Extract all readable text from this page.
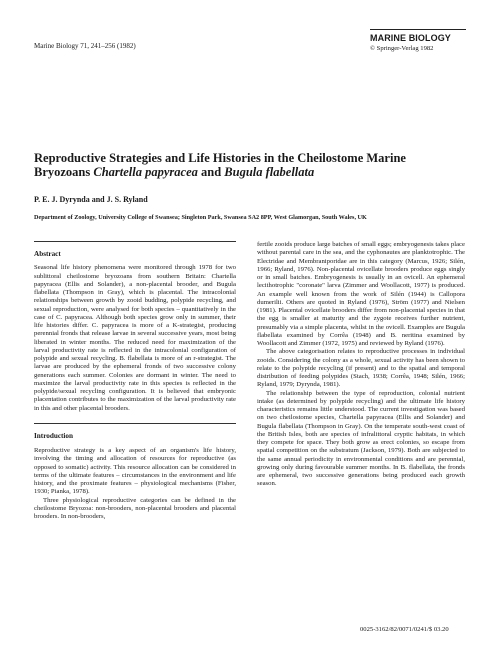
Marine Biology 71, 241–256 (1982)
MARINE BIOLOGY
© Springer-Verlag 1982
Reproductive Strategies and Life Histories in the Cheilostome Marine
Bryozoans Chartella papyracea and Bugula flabellata
P. E. J. Dyrynda and J. S. Ryland
Department of Zoology, University College of Swansea; Singleton Park, Swansea SA2 8PP, West Glamorgan, South Wales, UK
Abstract

Seasonal life history phenomena were monitored through 1978 for two sublittoral cheilostome bryozoans from southern Britain: Chartella papyracea (Ellis and Solander), a non-placental brooder, and Bugula flabellata (Thompson in Gray), which is placental. The intracolonial relationships between growth by zooid budding, polypide recycling, and sexual reproduction, were analysed for both species – quantitatively in the case of C. papyracea. Although both species grow only in summer, their life histories differ. C. papyracea is more of a K-strategist, producing perennial fronds that release larvae in several successive years, most being liberated in winter months. The reduced need for maximization of the larval productivity rate is reflected in the intracolonial configuration of polypide and sexual recycling. B. flabellata is more of an r-strategist. The larvae are produced by the ephemeral fronds of two successive colony generations each summer. Colonies are dormant in winter. The need to maximize the larval productivity rate in this species is reflected in the polypide/sexual recycling configuration. It is believed that embryonic placentation contributes to the maximization of the larval productivity rate in this and other placental brooders.

Introduction

Reproductive strategy is a key aspect of an organism's life history, involving the timing and allocation of resources for reproductive (as opposed to somatic) activity. This resource allocation can be considered in terms of the ultimate features – circumstances in the environment and life history, and the proximate features – physiological mechanisms (Fisher, 1930; Pianka, 1978).

Three physiological reproductive categories can be defined in the cheilostome Bryozoa: non-brooders, non-placental brooders and placental brooders. In non-brooders,

fertile zooids produce large batches of small eggs; embryogenesis takes place without parental care in the sea, and the cyphonautes are planktotrophic. The Electridae and Membraniporidae are in this category (Marcus, 1926; Silén, 1966; Ryland, 1976). Non-placental ovicellate brooders produce eggs singly or in small batches. Embryogenesis is usually in an ovicell. An ephemeral lecithotrophic "coronate" larva (Zimmer and Woollacott, 1977) is produced. An example well known from the work of Silén (1944) is Callopora dumerilii. Others are quoted in Ryland (1976), Ström (1977) and Nielsen (1981). Placental ovicellate brooders differ from non-placental species in that the egg is smaller at maturity and the zygote receives further nutrient, presumably via a simple placenta, whilst in the ovicell. Examples are Bugula flabellata examined by Corrêa (1948) and B. neritina examined by Woollacott and Zimmer (1972, 1975) and reviewed by Ryland (1976).

The above categorisation relates to reproductive processes in individual zooids. Considering the colony as a whole, sexual activity has been shown to relate to the polypide recycling (if present) and to the spatial and temporal distribution of feeding polypides (Stach, 1938; Corrêa, 1948; Silén, 1966; Ryland, 1979; Dyrynda, 1981).

The relationship between the type of reproduction, colonial nutrient intake (as determined by polypide recycling) and the ultimate life history characteristics remains little understood. The current investigation was based on two cheilostome species, Chartella papyracea (Ellis and Solander) and Bugula flabellata (Thompson in Gray). On the temperate south-west coast of the British Isles, both are species of infralittoral cryptic habitats, in which they compete for space. They both grow as erect colonies, so escape from spatial competition on the substratum (Jackson, 1979). Both are subjected to the same annual periodicity in environmental conditions and are perennial, growing only during favourable summer months. In B. flabellata, the fronds are ephemeral, two successive generations being produced each growth season.

0025-3162/82/0071/0241/$ 03.20
